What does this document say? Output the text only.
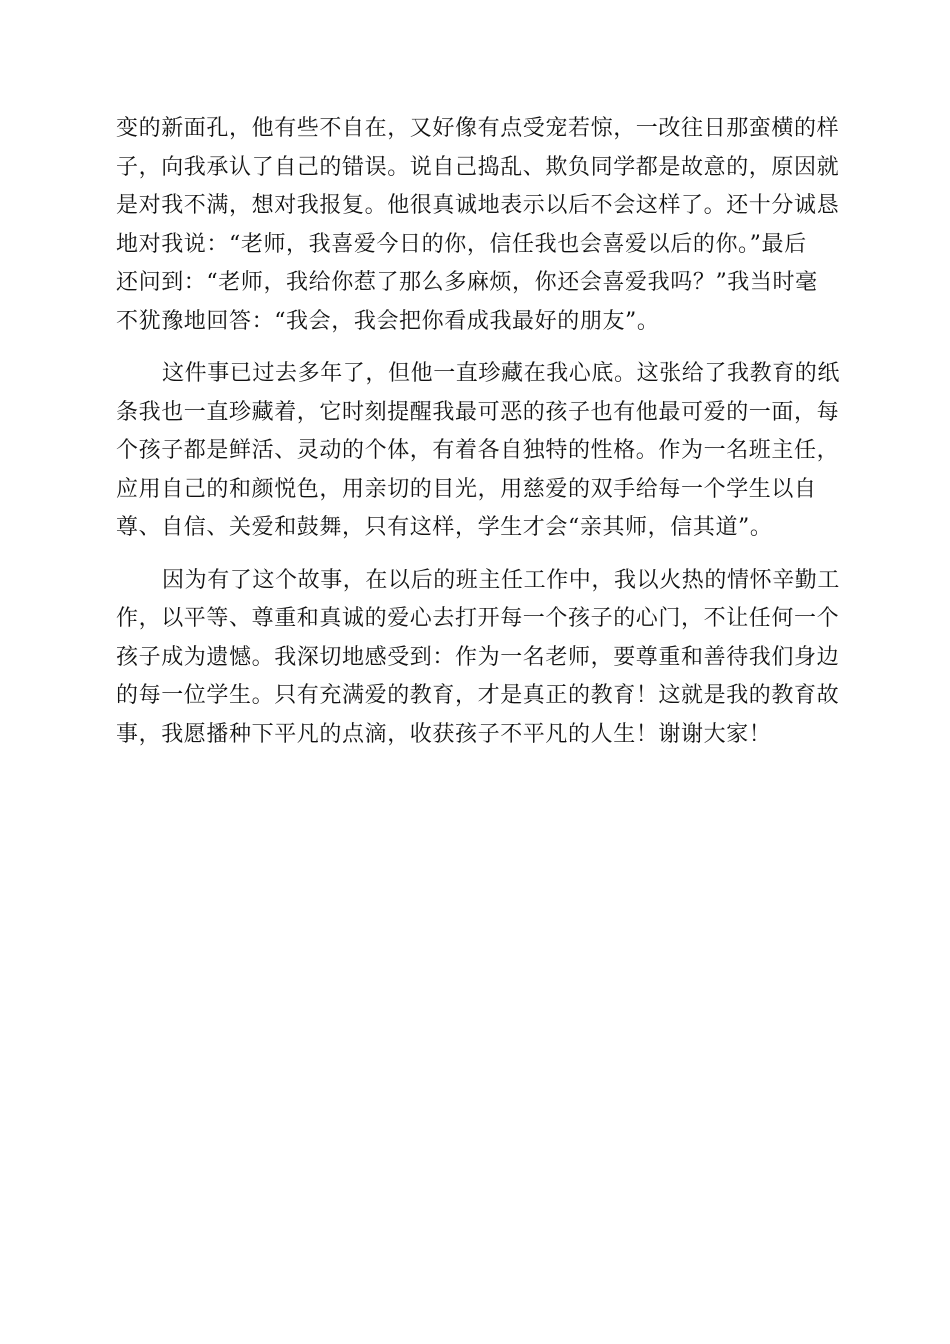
变的新面孔，他有些不自在，又好像有点受宠若惊，一改往日那蛮横的样
子，向我承认了自己的错误。说自己捣乱、欺负同学都是故意的，原因就
是对我不满，想对我报复。他很真诚地表示以后不会这样了。还十分诚恳
地对我说：“老师，我喜爱今日的你，信任我也会喜爱以后的你。”最后
还问到：“老师，我给你惹了那么多麻烦，你还会喜爱我吗？”我当时毫
不犹豫地回答：“我会，我会把你看成我最好的朋友”。

这件事已过去多年了，但他一直珍藏在我心底。这张给了我教育的纸
条我也一直珍藏着，它时刻提醒我最可恶的孩子也有他最可爱的一面，每
个孩子都是鲜活、灵动的个体，有着各自独特的性格。作为一名班主任，
应用自己的和颜悦色，用亲切的目光，用慈爱的双手给每一个学生以自
尊、自信、关爱和鼓舞，只有这样，学生才会“亲其师，信其道”。

因为有了这个故事，在以后的班主任工作中，我以火热的情怀辛勤工
作，以平等、尊重和真诚的爱心去打开每一个孩子的心门，不让任何一个
孩子成为遗憾。我深切地感受到：作为一名老师，要尊重和善待我们身边
的每一位学生。只有充满爱的教育，才是真正的教育！这就是我的教育故
事，我愿播种下平凡的点滴，收获孩子不平凡的人生！谢谢大家！
